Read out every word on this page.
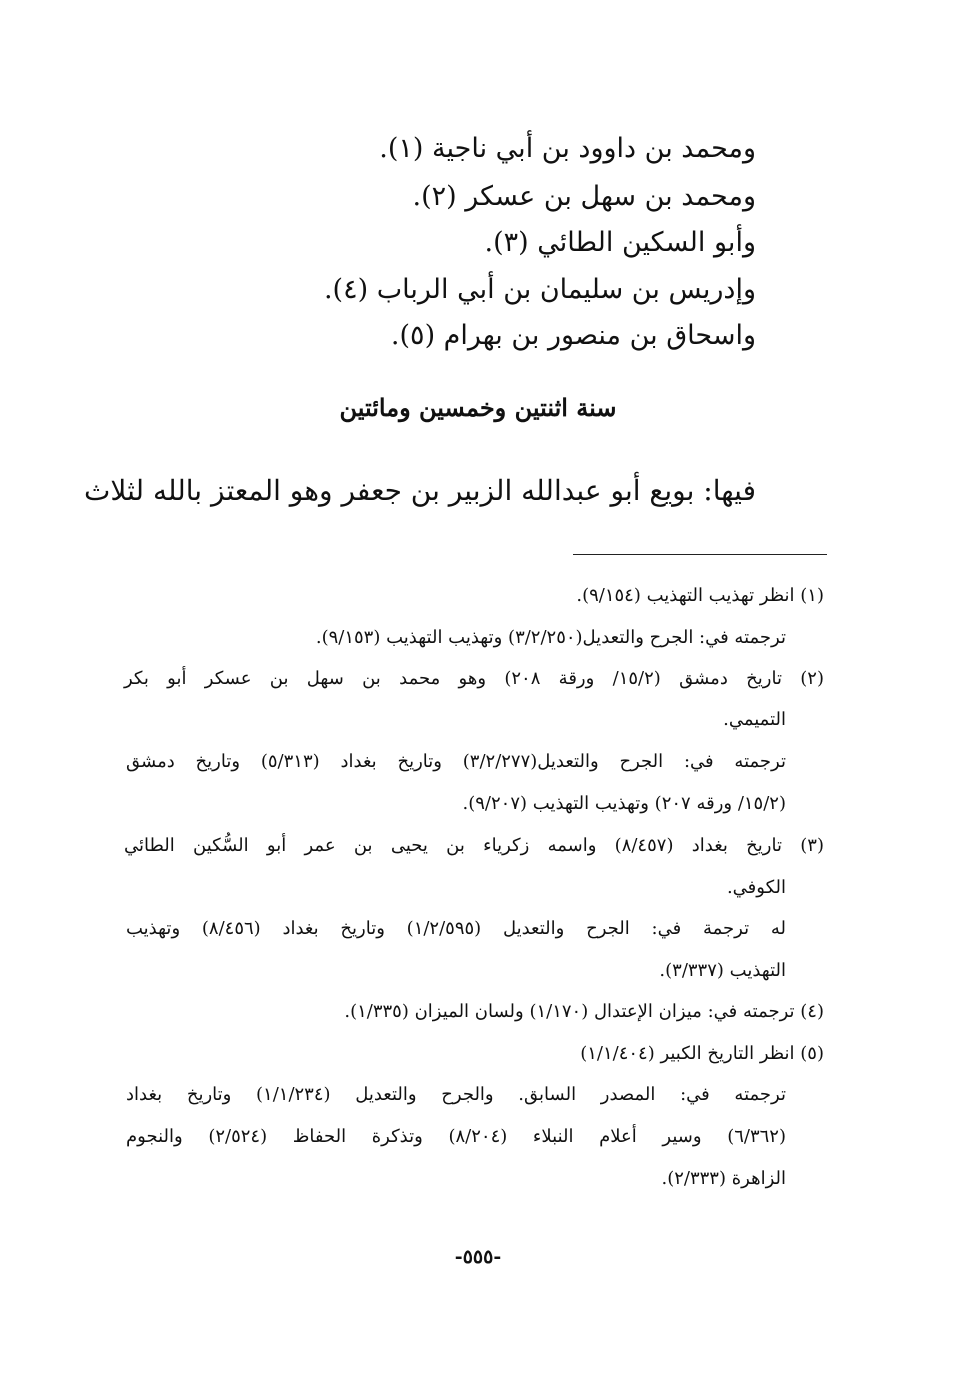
ومحمد بن داوود بن أبي ناجية (١).
ومحمد بن سهل بن عسكر (٢).
وأبو السكين الطائي (٣).
وإدريس بن سليمان بن أبي الرباب (٤).
واسحاق بن منصور بن بهرام (٥).
سنة اثنتين وخمسين ومائتين
فيها: بويع أبو عبدالله الزبير بن جعفر وهو المعتز بالله لثلاث
(١) انظر تهذيب التهذيب (٩/١٥٤).
ترجمته في: الجرح والتعديل(٣/٢/٢٥٠) وتهذيب التهذيب (٩/١٥٣).
(٢) تاريخ دمشق (١٥/٢/ ورقة ٢٠٨) وهو محمد بن سهل بن عسكر أبو بكر
التميمي.
ترجمته في: الجرح والتعديل(٣/٢/٢٧٧) وتاريخ بغداد (٥/٣١٣) وتاريخ دمشق
(١٥/٢/ ورقه ٢٠٧) وتهذيب التهذيب (٩/٢٠٧).
(٣) تاريخ بغداد (٨/٤٥٧) واسمه زكرياء بن يحيى بن عمر أبو السُّكين الطائي
الكوفي.
له ترجمة في: الجرح والتعديل (١/٢/٥٩٥) وتاريخ بغداد (٨/٤٥٦) وتهذيب
التهذيب (٣/٣٣٧).
(٤) ترجمته في: ميزان الإعتدال (١/١٧٠) ولسان الميزان (١/٣٣٥).
(٥) انظر التاريخ الكبير (١/١/٤٠٤)
ترجمته في: المصدر السابق. والجرح والتعديل (١/١/٢٣٤) وتاريخ بغداد
(٦/٣٦٢) وسير أعلام النبلاء (٨/٢٠٤) وتذكرة الحفاظ (٢/٥٢٤) والنجوم
الزاهرة (٢/٣٣٣).
-٥٥٥-
